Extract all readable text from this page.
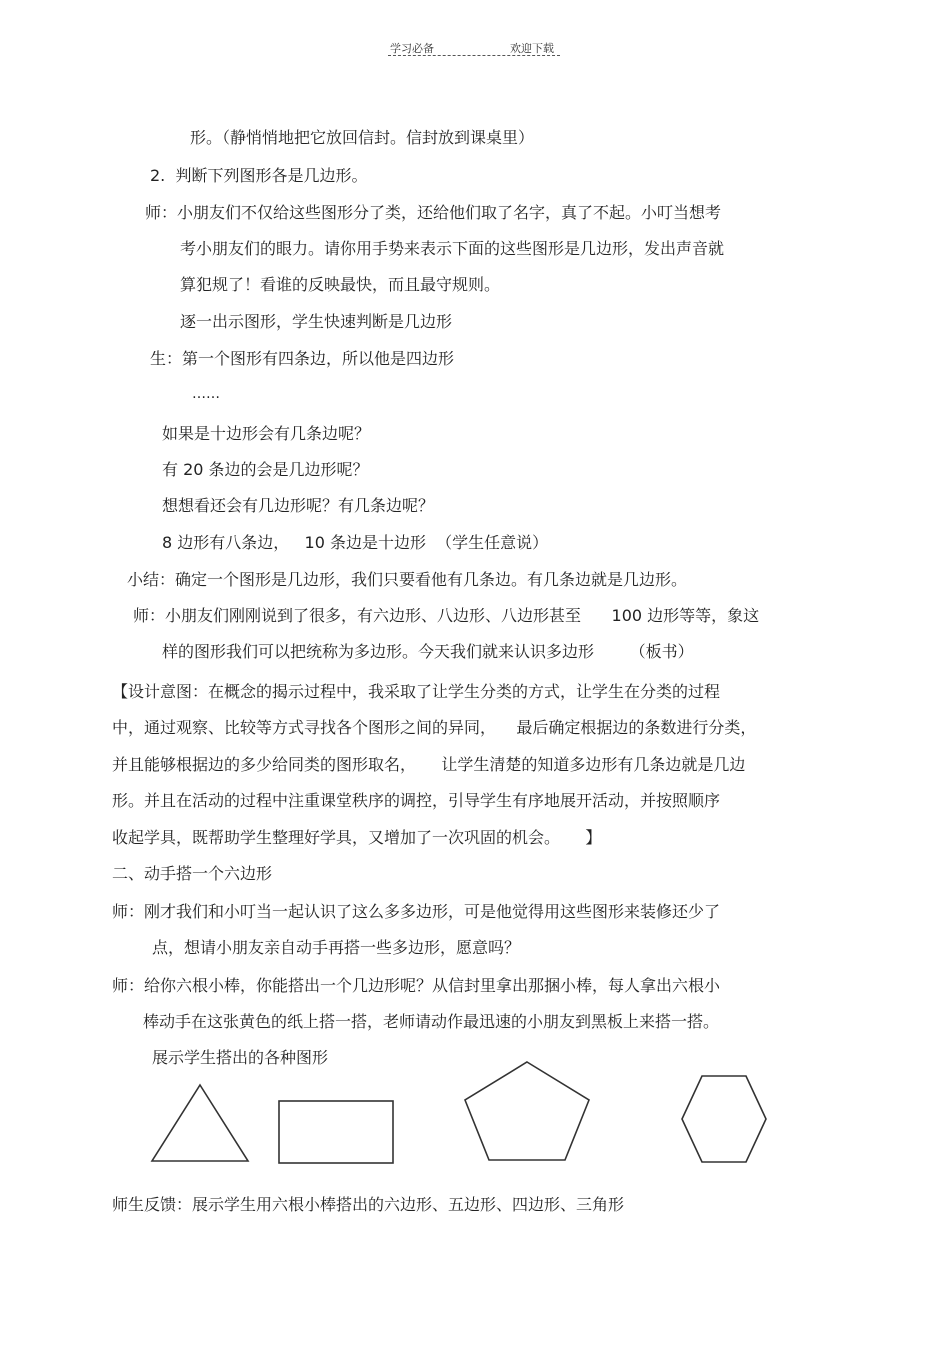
学习必备	欢迎下载
形。（静悄悄地把它放回信封。信封放到课桌里）
2.  判断下列图形各是几边形。
师：小朋友们不仅给这些图形分了类，还给他们取了名字，真了不起。小叮当想考
考小朋友们的眼力。请你用手势来表示下面的这些图形是几边形，发出声音就
算犯规了！看谁的反映最快，而且最守规则。
逐一出示图形，学生快速判断是几边形
生：第一个图形有四条边，所以他是四边形
……
如果是十边形会有几条边呢？
有 20 条边的会是几边形呢？
想想看还会有几边形呢？有几条边呢？
8 边形有八条边，   10 条边是十边形  （学生任意说）
小结：确定一个图形是几边形，我们只要看他有几条边。有几条边就是几边形。
师：小朋友们刚刚说到了很多，有六边形、八边形、八边形甚至      100 边形等等，象这
样的图形我们可以把统称为多边形。今天我们就来认识多边形       （板书）
【设计意图：在概念的揭示过程中，我采取了让学生分类的方式，让学生在分类的过程
中，通过观察、比较等方式寻找各个图形之间的异同，    最后确定根据边的条数进行分类，
并且能够根据边的多少给同类的图形取名，     让学生清楚的知道多边形有几条边就是几边
形。并且在活动的过程中注重课堂秩序的调控，引导学生有序地展开活动，并按照顺序
收起学具，既帮助学生整理好学具，又增加了一次巩固的机会。     】
二、动手搭一个六边形
师：刚才我们和小叮当一起认识了这么多多边形，可是他觉得用这些图形来装修还少了
点，想请小朋友亲自动手再搭一些多边形，愿意吗？
师：给你六根小棒，你能搭出一个几边形呢？从信封里拿出那捆小棒，每人拿出六根小
棒动手在这张黄色的纸上搭一搭，老师请动作最迅速的小朋友到黑板上来搭一搭。
展示学生搭出的各种图形
师生反馈：展示学生用六根小棒搭出的六边形、五边形、四边形、三角形
